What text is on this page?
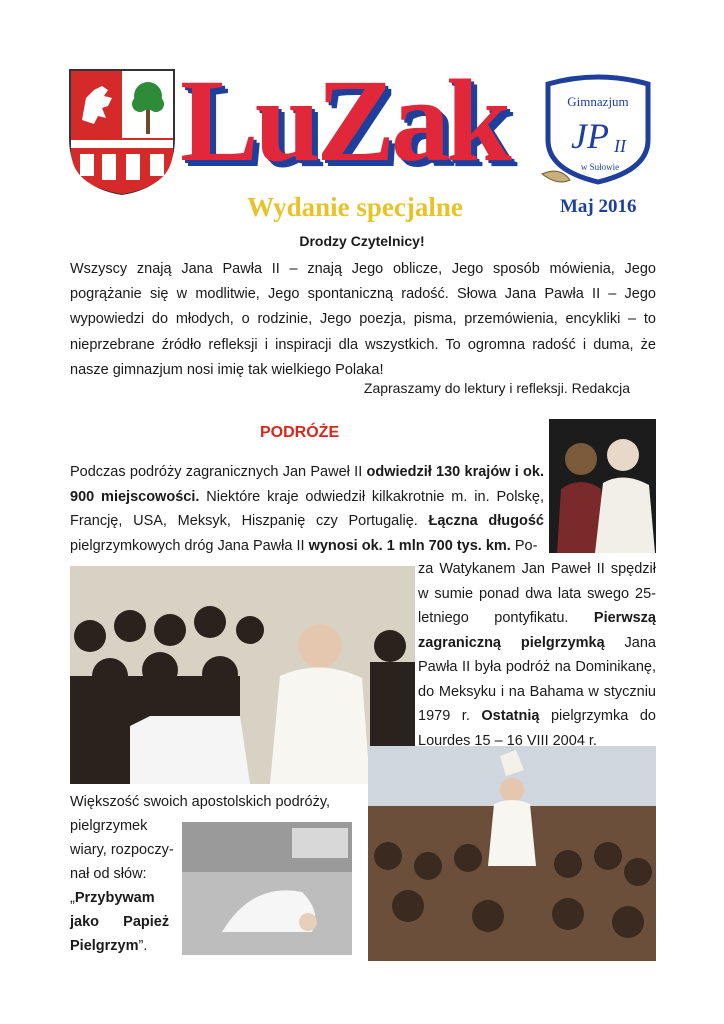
LuZak	Gimnazjum
JP II
w Sułowie
Wydanie specjalne	Maj 2016
Drodzy Czytelnicy!
Wszyscy znają Jana Pawła II – znają Jego oblicze, Jego sposób mówienia, Jego pogrążanie się w modlitwie, Jego spontaniczną radość. Słowa Jana Pawła II – Jego wypowiedzi do młodych, o rodzinie, Jego poezja, pisma, przemówienia, encykliki – to nieprzebrane źródło refleksji i inspiracji dla wszystkich. To ogromna radość i duma, że nasze gimnazjum nosi imię tak wielkiego Polaka!
Zapraszamy do lektury i refleksji. Redakcja
PODRÓŻE
Podczas podróży zagranicznych Jan Paweł II odwiedził 130 krajów i ok. 900 miejscowości. Niektóre kraje odwiedził kilkakrotnie m. in. Polskę, Francję, USA, Meksyk, Hiszpanię czy Portugalię. Łączna długość pielgrzymkowych dróg Jana Pawła II wynosi ok. 1 mln 700 tys. km. Po-
za Watykanem Jan Paweł II spędził w sumie ponad dwa lata swego 25-letniego pontyfikatu. Pierwszą zagraniczną pielgrzymką Jana Pawła II była podróż na Dominikanę, do Meksyku i na Bahama w styczniu 1979 r. Ostatnią pielgrzymka do Lourdes 15 – 16 VIII 2004 r.
Większość swoich apostolskich podróży,
pielgrzymek
wiary, rozpoczy-
nał od słów:
„Przybywam
jako      Papież
Pielgrzym”.
